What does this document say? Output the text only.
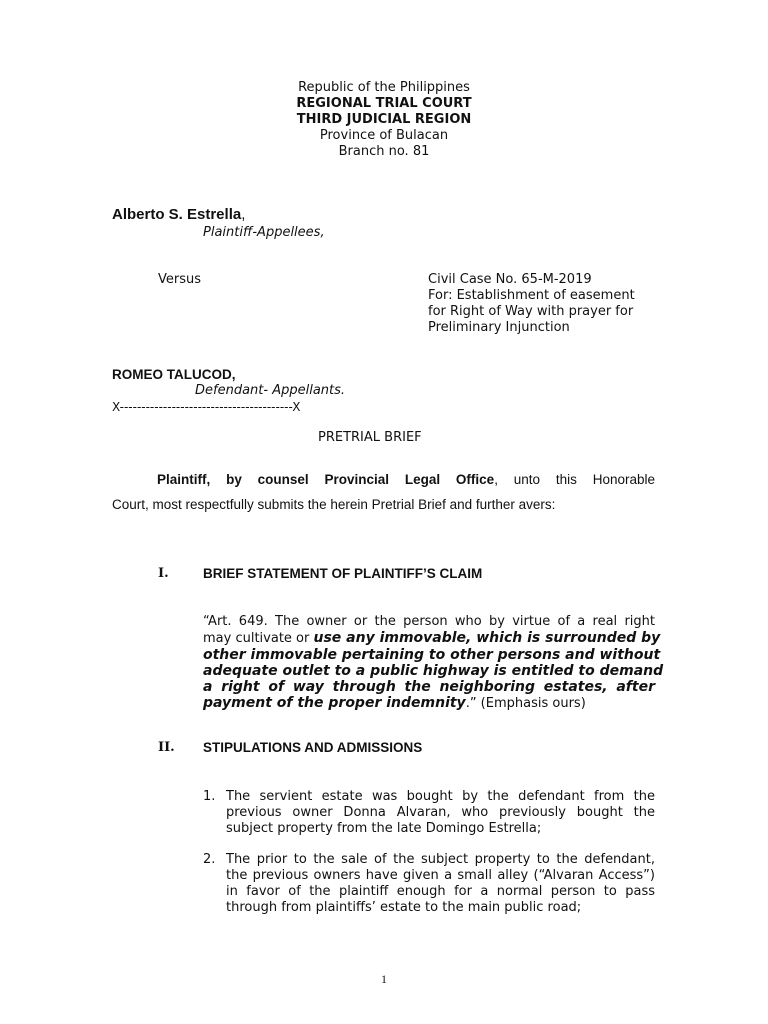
Republic of the Philippines
REGIONAL TRIAL COURT
THIRD JUDICIAL REGION
Province of Bulacan
Branch no. 81
Alberto S. Estrella,
Plaintiff-Appellees,
Versus	Civil Case No. 65-M-2019
For: Establishment of easement
for Right of Way with prayer for
Preliminary Injunction
ROMEO TALUCOD,
Defendant- Appellants.
X----------------------------------------X
PRETRIAL BRIEF
Plaintiff, by counsel Provincial Legal Office, unto this Honorable
Court, most respectfully submits the herein Pretrial Brief and further avers:
I.	BRIEF STATEMENT OF PLAINTIFF’S CLAIM
“Art. 649. The owner or the person who by virtue of a real right
may cultivate or use any immovable, which is surrounded by
other immovable pertaining to other persons and without
adequate outlet to a public highway is entitled to demand
a right of way through the neighboring estates, after
payment of the proper indemnity.” (Emphasis ours)
II. STIPULATIONS AND ADMISSIONS
1. The servient estate was bought by the defendant from the
previous owner Donna Alvaran, who previously bought the
subject property from the late Domingo Estrella;
2. The prior to the sale of the subject property to the defendant,
the previous owners have given a small alley (“Alvaran Access”)
in favor of the plaintiff enough for a normal person to pass
through from plaintiffs’ estate to the main public road;
1
